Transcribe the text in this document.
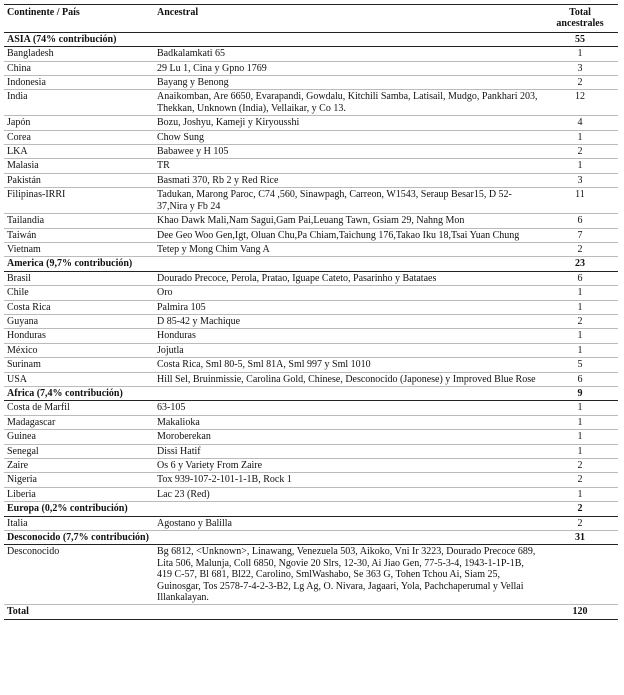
Continente / País	Ancestral	Total ancestrales
ASIA (74% contribución)		55
Bangladesh	Badkalamkati 65	1
China	29 Lu 1, Cina y Gpno 1769	3
Indonesia	Bayang y Benong	2
India	Anaikomban, Are 6650, Evarapandi, Gowdalu, Kitchili Samba, Latisail, Mudgo, Pankhari 203, Thekkan, Unknown (India), Vellaikar, y Co 13.	12
Japón	Bozu, Joshyu, Kameji y Kiryousshi	4
Corea	Chow Sung	1
LKA	Babawee y H 105	2
Malasia	TR	1
Pakistán	Basmati 370, Rb 2 y Red Rice	3
Filipinas-IRRI	Tadukan, Marong Paroc, C74 ,560, Sinawpagh, Carreon, W1543, Seraup Besar15, D 52-37,Nira y Fb 24	11
Tailandia	Khao Dawk Mali,Nam Sagui,Gam Pai,Leuang Tawn, Gsiam 29, Nahng Mon	6
Taiwán	Dee Geo Woo Gen,Igt, Oluan Chu,Pa Chiam,Taichung 176,Takao Iku 18,Tsai Yuan Chung	7
Vietnam	Tetep y Mong Chim Vang A	2
America (9,7% contribución)		23
Brasil	Dourado Precoce, Perola, Pratao, Iguape Cateto, Pasarinho y Batataes	6
Chile	Oro	1
Costa Rica	Palmira 105	1
Guyana	D 85-42 y Machique	2
Honduras	Honduras	1
México	Jojutla	1
Surinam	Costa Rica, Sml 80-5, Sml 81A, Sml 997 y Sml 1010	5
USA	Hill Sel, Bruinmissie, Carolina Gold, Chinese, Desconocido (Japonese) y Improved Blue Rose	6
Africa (7,4% contribución)		9
Costa de Marfil	63-105	1
Madagascar	Makalioka	1
Guinea	Moroberekan	1
Senegal	Dissi Hatif	1
Zaire	Os 6 y Variety From Zaire	2
Nigeria	Tox 939-107-2-101-1-1B, Rock 1	2
Liberia	Lac 23 (Red)	1
Europa (0,2% contribución)		2
Italia	Agostano y Balilla	2
Desconocido (7,7% contribución)		31
Desconocido	Bg 6812, <Unknown>, Linawang, Venezuela 503, Aikoko, Vni Ir 3223, Dourado Precoce 689, Lita 506, Malunja, Coll 6850, Ngovie 20 Slrs, 12-30, Ai Jiao Gen, 77-5-3-4, 1943-1-1P-1B, 419 C-57, Bl 681, Bl22, Carolino, SmlWashabo, Se 363 G, Tohen Tchou Ai, Siam 25, Guinosgar, Tos 2578-7-4-2-3-B2, Lg Ag, O. Nivara, Jagaari, Yola, Pachchaperumal y Vellai Illankalayan.	
Total		120
